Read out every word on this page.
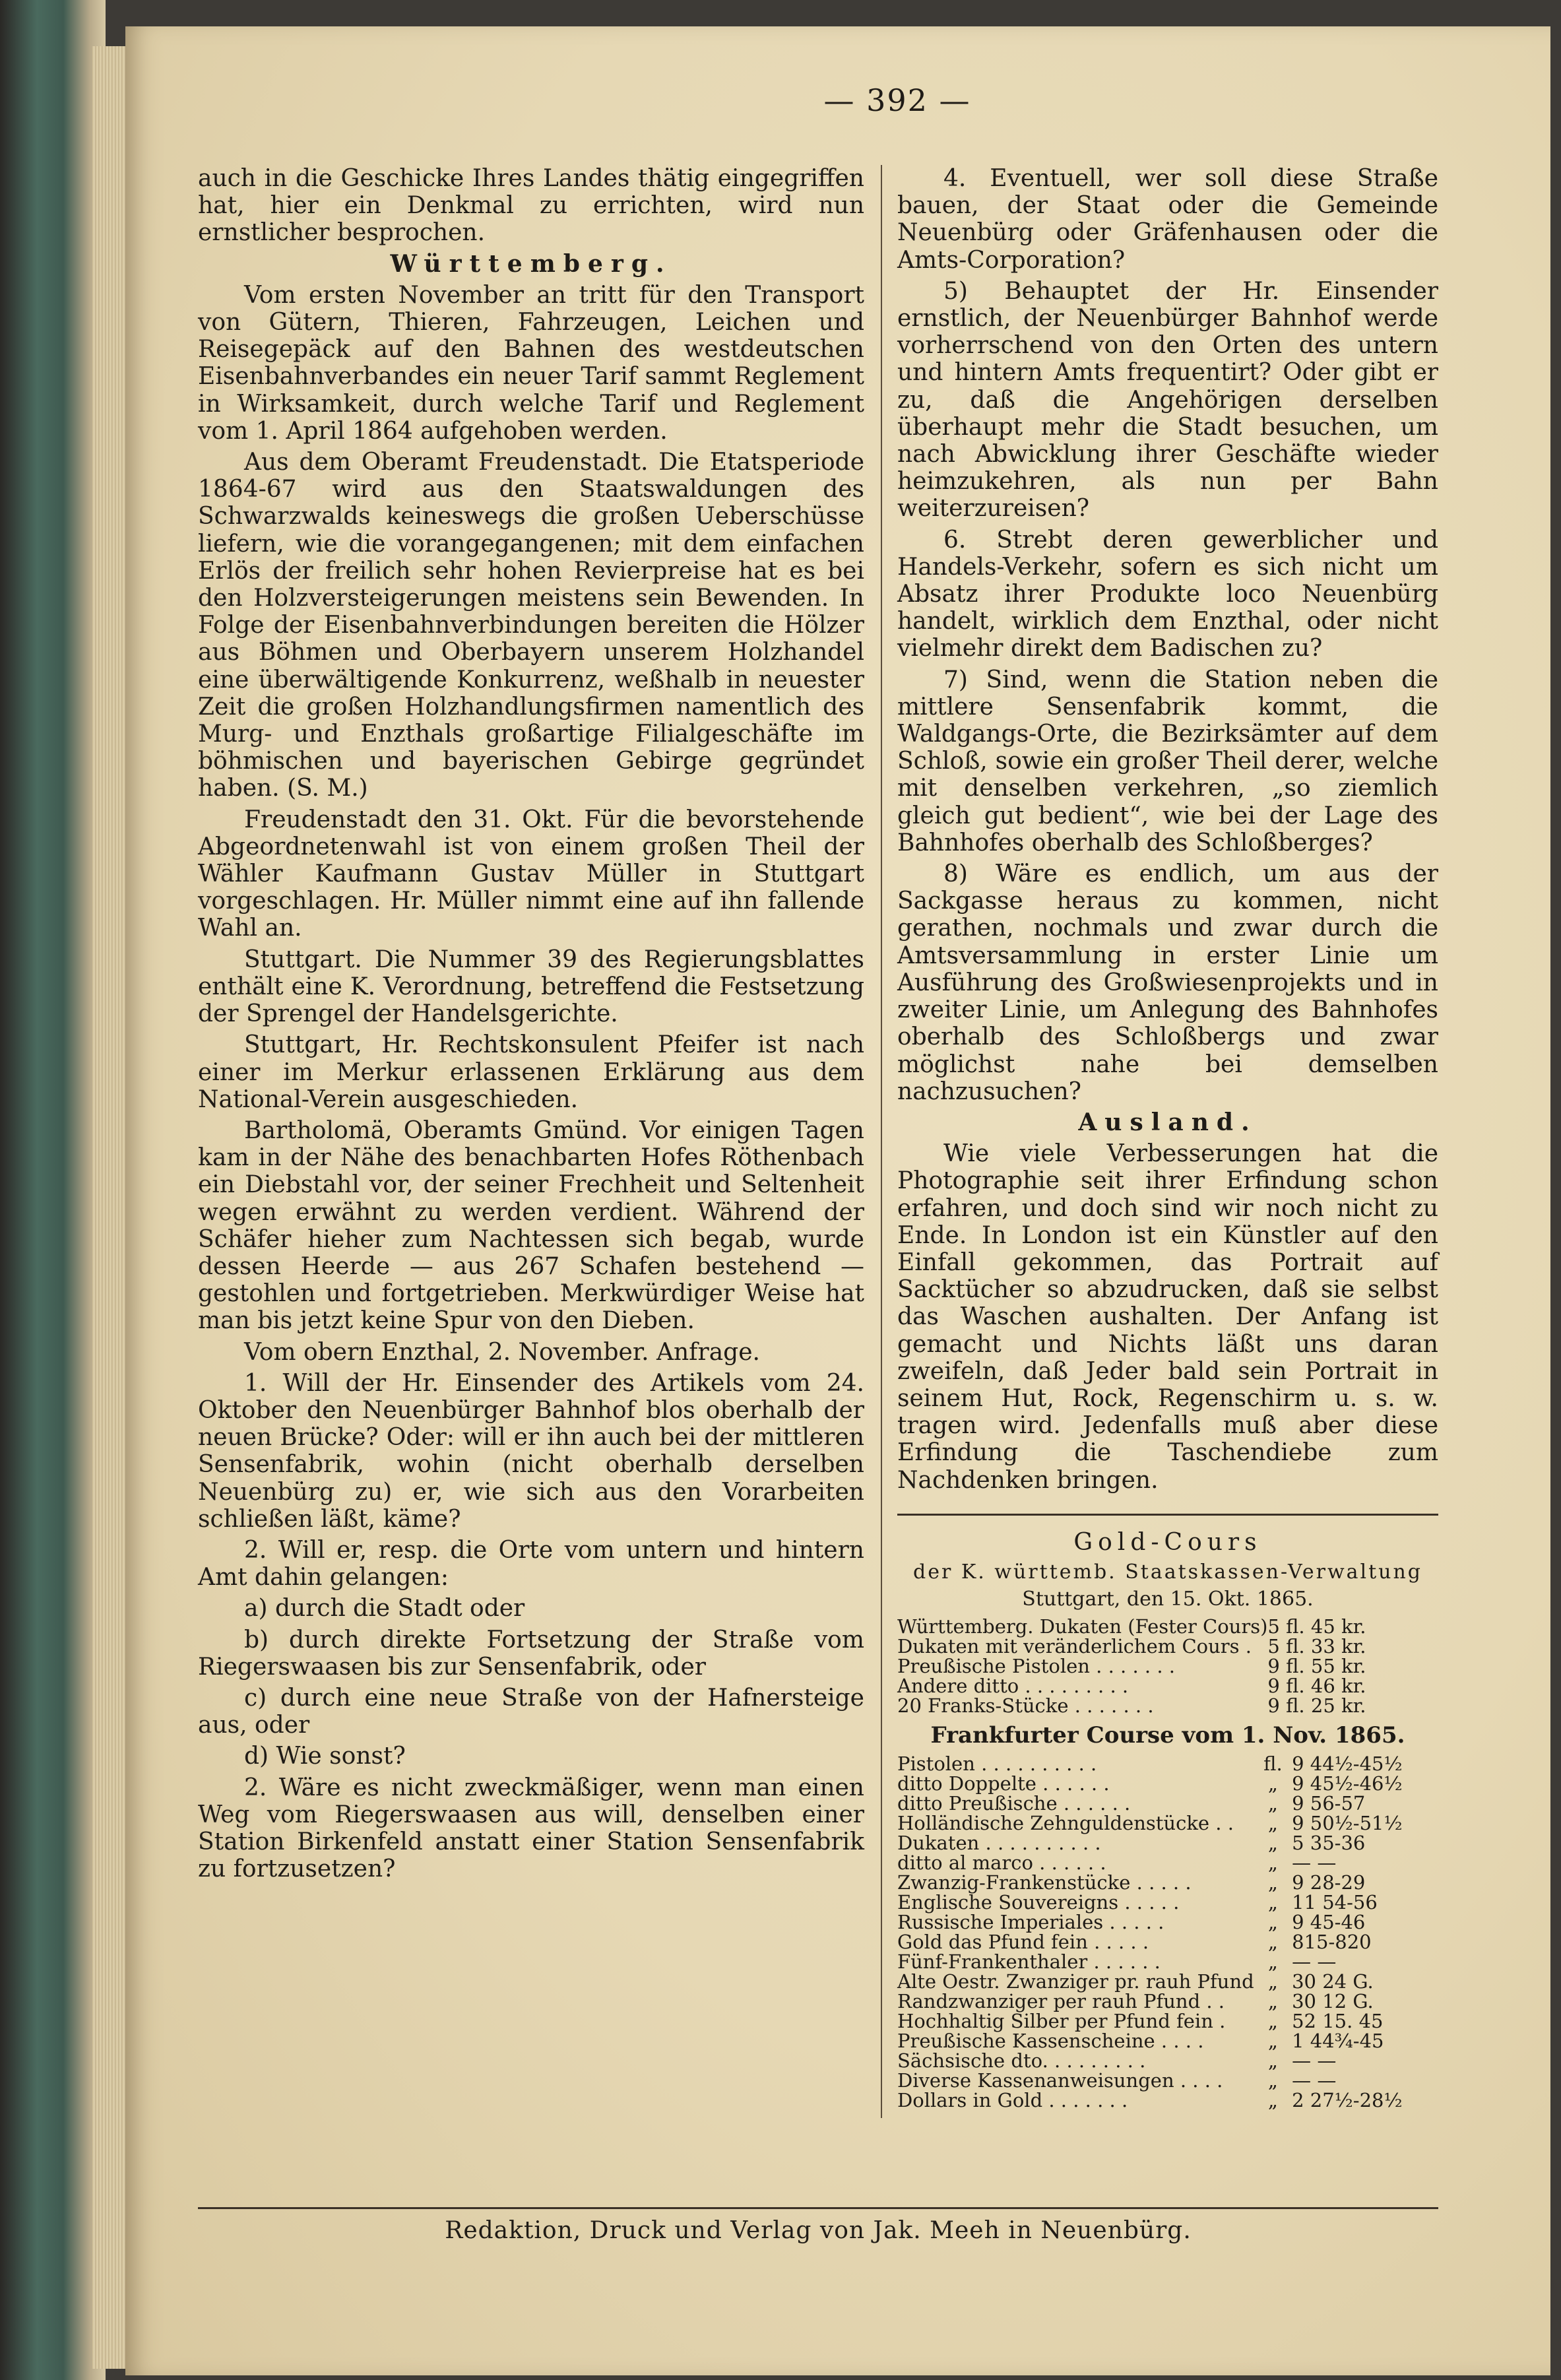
— 392 —

auch in die Geschicke Ihres Landes thätig eingegriffen hat, hier ein Denkmal zu errichten, wird nun ernstlicher besprochen.

Württemberg.

Vom ersten November an tritt für den Transport von Gütern, Thieren, Fahrzeugen, Leichen und Reisegepäck auf den Bahnen des westdeutschen Eisenbahnverbandes ein neuer Tarif sammt Reglement in Wirksamkeit, durch welche Tarif und Reglement vom 1. April 1864 aufgehoben werden.

Aus dem Oberamt Freudenstadt. Die Etatsperiode 1864-67 wird aus den Staatswaldungen des Schwarzwalds keineswegs die großen Ueberschüsse liefern, wie die vorangegangenen; mit dem einfachen Erlös der freilich sehr hohen Revierpreise hat es bei den Holzversteigerungen meistens sein Bewenden. In Folge der Eisenbahnverbindungen bereiten die Hölzer aus Böhmen und Oberbayern unserem Holzhandel eine überwältigende Konkurrenz, weßhalb in neuester Zeit die großen Holzhandlungsfirmen namentlich des Murg- und Enzthals großartige Filialgeschäfte im böhmischen und bayerischen Gebirge gegründet haben. (S. M.)

Freudenstadt den 31. Okt. Für die bevorstehende Abgeordnetenwahl ist von einem großen Theil der Wähler Kaufmann Gustav Müller in Stuttgart vorgeschlagen. Hr. Müller nimmt eine auf ihn fallende Wahl an.

Stuttgart. Die Nummer 39 des Regierungsblattes enthält eine K. Verordnung, betreffend die Festsetzung der Sprengel der Handelsgerichte.

Stuttgart, Hr. Rechtskonsulent Pfeifer ist nach einer im Merkur erlassenen Erklärung aus dem National-Verein ausgeschieden.

Bartholomä, Oberamts Gmünd. Vor einigen Tagen kam in der Nähe des benachbarten Hofes Röthenbach ein Diebstahl vor, der seiner Frechheit und Seltenheit wegen erwähnt zu werden verdient. Während der Schäfer hieher zum Nachtessen sich begab, wurde dessen Heerde — aus 267 Schafen bestehend — gestohlen und fortgetrieben. Merkwürdiger Weise hat man bis jetzt keine Spur von den Dieben.

Vom obern Enzthal, 2. November. Anfrage.

1. Will der Hr. Einsender des Artikels vom 24. Oktober den Neuenbürger Bahnhof blos oberhalb der neuen Brücke? Oder: will er ihn auch bei der mittleren Sensenfabrik, wohin (nicht oberhalb derselben Neuenbürg zu) er, wie sich aus den Vorarbeiten schließen läßt, käme?

2. Will er, resp. die Orte vom untern und hintern Amt dahin gelangen:

a) durch die Stadt oder

b) durch direkte Fortsetzung der Straße vom Riegerswaasen bis zur Sensenfabrik, oder

c) durch eine neue Straße von der Hafnersteige aus, oder

d) Wie sonst?

2. Wäre es nicht zweckmäßiger, wenn man einen Weg vom Riegerswaasen aus will, denselben einer Station Birkenfeld anstatt einer Station Sensenfabrik zu fortzusetzen?

4. Eventuell, wer soll diese Straße bauen, der Staat oder die Gemeinde Neuenbürg oder Gräfenhausen oder die Amts-Corporation?

5) Behauptet der Hr. Einsender ernstlich, der Neuenbürger Bahnhof werde vorherrschend von den Orten des untern und hintern Amts frequentirt? Oder gibt er zu, daß die Angehörigen derselben überhaupt mehr die Stadt besuchen, um nach Abwicklung ihrer Geschäfte wieder heimzukehren, als nun per Bahn weiterzureisen?

6. Strebt deren gewerblicher und Handels-Verkehr, sofern es sich nicht um Absatz ihrer Produkte loco Neuenbürg handelt, wirklich dem Enzthal, oder nicht vielmehr direkt dem Badischen zu?

7) Sind, wenn die Station neben die mittlere Sensenfabrik kommt, die Waldgangs-Orte, die Bezirksämter auf dem Schloß, sowie ein großer Theil derer, welche mit denselben verkehren, „so ziemlich gleich gut bedient“, wie bei der Lage des Bahnhofes oberhalb des Schloßberges?

8) Wäre es endlich, um aus der Sackgasse heraus zu kommen, nicht gerathen, nochmals und zwar durch die Amtsversammlung in erster Linie um Ausführung des Großwiesenprojekts und in zweiter Linie, um Anlegung des Bahnhofes oberhalb des Schloßbergs und zwar möglichst nahe bei demselben nachzusuchen?

Ausland.

Wie viele Verbesserungen hat die Photographie seit ihrer Erfindung schon erfahren, und doch sind wir noch nicht zu Ende. In London ist ein Künstler auf den Einfall gekommen, das Portrait auf Sacktücher so abzudrucken, daß sie selbst das Waschen aushalten. Der Anfang ist gemacht und Nichts läßt uns daran zweifeln, daß Jeder bald sein Portrait in seinem Hut, Rock, Regenschirm u. s. w. tragen wird. Jedenfalls muß aber diese Erfindung die Taschendiebe zum Nachdenken bringen.

Gold-Cours
der K. württemb. Staatskassen-Verwaltung
Stuttgart, den 15. Okt. 1865.
Württemberg. Dukaten (Fester Cours)	5 fl. 45 kr.
Dukaten mit veränderlichem Cours .	5 fl. 33 kr.
Preußische Pistolen . . . . . . .	9 fl. 55 kr.
Andere ditto . . . . . . . . .	9 fl. 46 kr.
20 Franks-Stücke . . . . . . .	9 fl. 25 kr.
Frankfurter Course vom 1. Nov. 1865.
Pistolen . . . . . . . . . .	fl.	9 44½-45½
ditto Doppelte . . . . . .	„	9 45½-46½
ditto Preußische . . . . . .	„	9 56-57
Holländische Zehnguldenstücke . .	„	9 50½-51½
Dukaten . . . . . . . . . .	„	5 35-36
ditto al marco . . . . . .	„	— —
Zwanzig-Frankenstücke . . . . .	„	9 28-29
Englische Souvereigns . . . . .	„	11 54-56
Russische Imperiales . . . . .	„	9 45-46
Gold das Pfund fein . . . . .	„	815-820
Fünf-Frankenthaler . . . . . .	„	— —
Alte Oestr. Zwanziger pr. rauh Pfund	„	30 24 G.
Randzwanziger per rauh Pfund . .	„	30 12 G.
Hochhaltig Silber per Pfund fein .	„	52 15. 45
Preußische Kassenscheine . . . .	„	1 44¾-45
Sächsische dto. . . . . . . . .	„	— —
Diverse Kassenanweisungen . . . .	„	— —
Dollars in Gold . . . . . . .	„	2 27½-28½
Redaktion, Druck und Verlag von Jak. Meeh in Neuenbürg.
